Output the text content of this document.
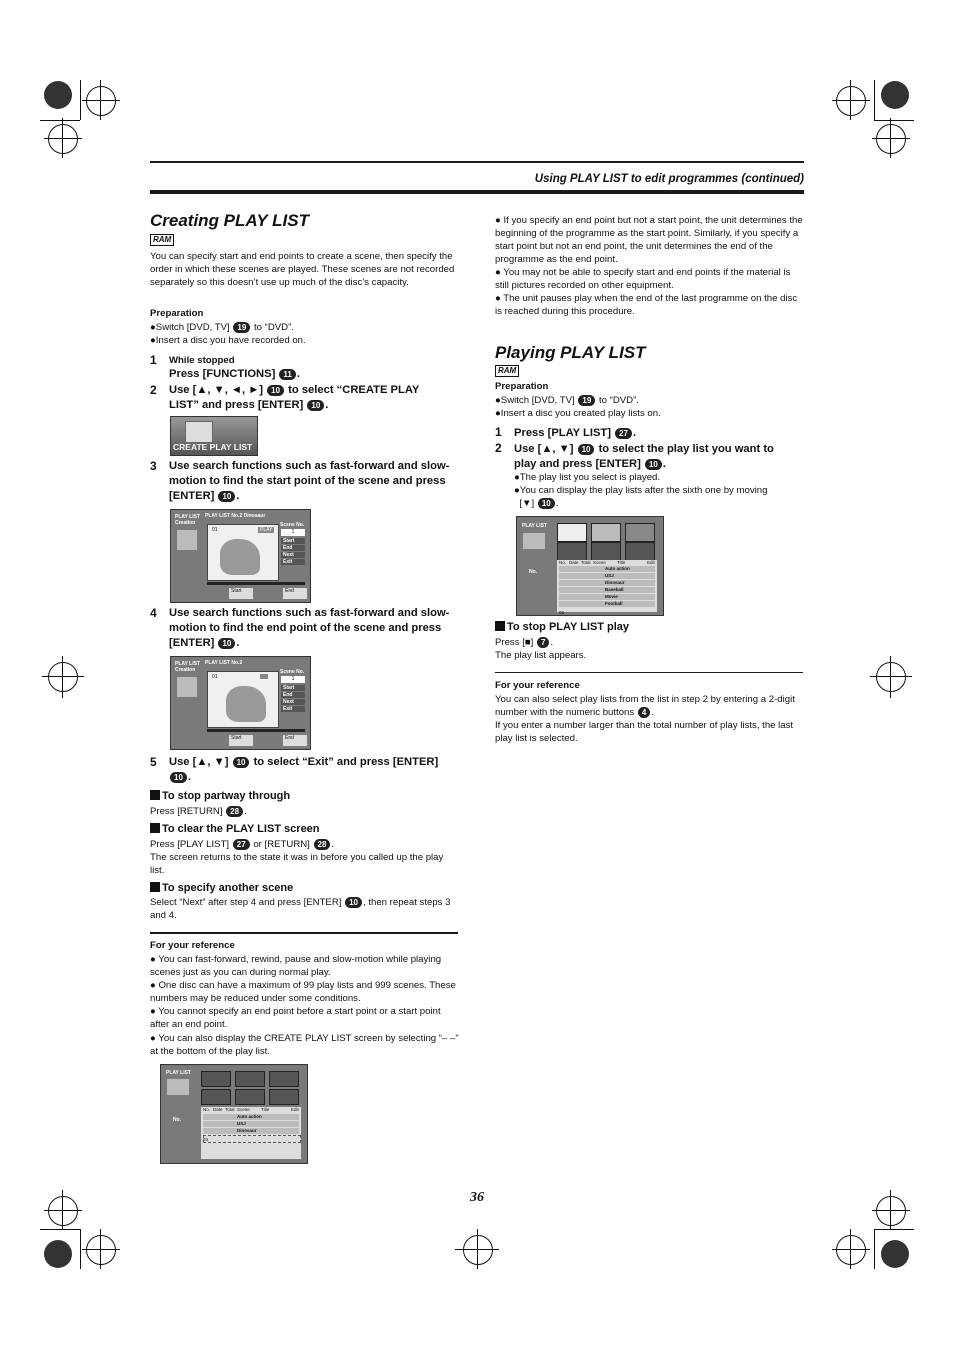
Using PLAY LIST to edit programmes (continued)
Creating PLAY LIST
RAM
You can specify start and end points to create a scene, then specify the order in which these scenes are played. These scenes are not recorded separately so this doesn’t use up much of the disc’s capacity.
Preparation
●Switch [DVD, TV] 19 to “DVD”.
●Insert a disc you have recorded on.
1 While stopped
Press [FUNCTIONS] 11 .
2 Use [▲, ▼, ◄, ►] 10 to select “CREATE PLAY
LIST” and press [ENTER] 10 .
CREATE PLAY LIST
3 Use search functions such as fast-forward and slow-motion to find the start point of the scene and press [ENTER] 10 .
PLAY LIST Creation
PLAY LIST No.2 Dinosaur
01	PLAY
Scene No.
1
Start
End
Next
Exit
Start	End
4 Use search functions such as fast-forward and slow-motion to find the end point of the scene and press [ENTER] 10 .
PLAY LIST Creation
PLAY LIST No.2
01
Scene No.
1
Start
End
Next
Exit
Start	End
5 Use [▲, ▼] 10 to select “Exit” and press [ENTER]
10 .
To stop partway through
Press [RETURN] 28 .
To clear the PLAY LIST screen
Press [PLAY LIST] 27 or [RETURN] 28 .
The screen returns to the state it was in before you called up the play list.
To specify another scene
Select “Next” after step 4 and press [ENTER] 10 , then repeat steps 3 and 4.
For your reference
● You can fast-forward, rewind, pause and slow-motion while playing scenes just as you can during normal play.
● One disc can have a maximum of 99 play lists and 999 scenes. These numbers may be reduced under some conditions.
● You cannot specify an end point before a start point or a start point after an end point.
● You can also display the CREATE PLAY LIST screen by selecting “– –” at the bottom of the play list.
PLAY LIST
No.
No. Date Total Scene Title	Edit
Auto action
USJ
03
Dinosaur
● If you specify an end point but not a start point, the unit determines the beginning of the programme as the start point. Similarly, if you specify a start point but not an end point, the unit determines the end of the programme as the end point.
● You may not be able to specify start and end points if the material is still pictures recorded on other equipment.
● The unit pauses play when the end of the last programme on the disc is reached during this procedure.
Playing PLAY LIST
RAM
Preparation
●Switch [DVD, TV] 19 to “DVD”.
●Insert a disc you created play lists on.
1 Press [PLAY LIST] 27 .
2 Use [▲, ▼] 10 to select the play list you want to
play and press [ENTER] 10 .
●The play list you select is played.
●You can display the play lists after the sixth one by moving
[▼] 10 .
PLAY LIST
No.
No. Date Total Scene Title	Edit
Auto action
USJ
Dinosaur
Baseball
Movie
06
Football
To stop PLAY LIST play
Press [■] 7 .
The play list appears.
For your reference
You can also select play lists from the list in step 2 by entering a 2-digit number with the numeric buttons 4 .
If you enter a number larger than the total number of play lists, the last play list is selected.
36
